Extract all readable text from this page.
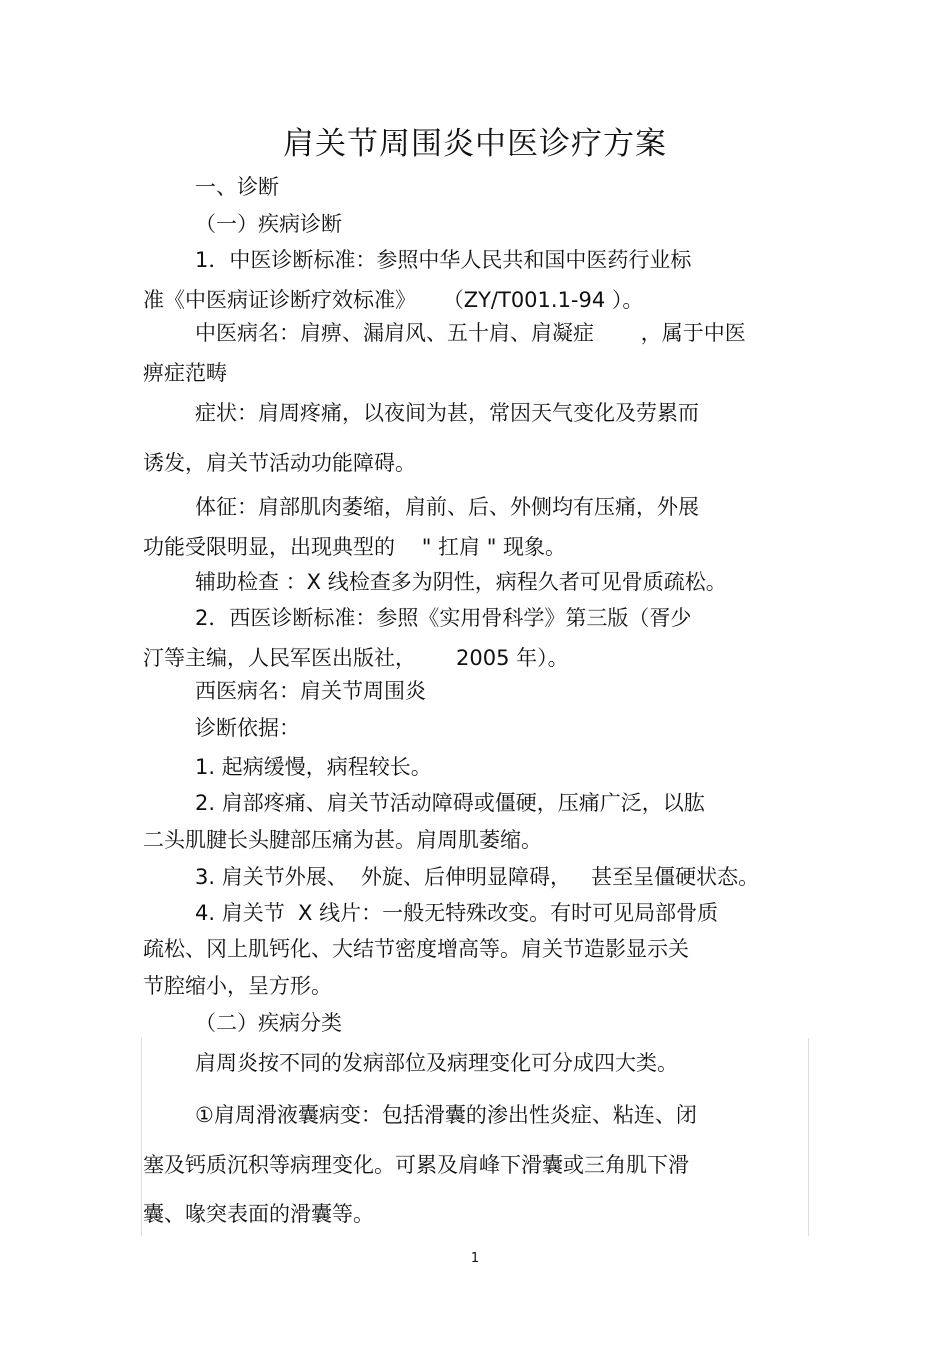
肩关节周围炎中医诊疗方案
一、诊断
（一）疾病诊断
1．中医诊断标准：参照中华人民共和国中医药行业标
准《中医病证诊断疗效标准》    （ZY/T001.1-94 ）。
中医病名：肩痹、漏肩风、五十肩、肩凝症       ，属于中医
痹症范畴
症状：肩周疼痛，以夜间为甚，常因天气变化及劳累而
诱发，肩关节活动功能障碍。
体征：肩部肌肉萎缩，肩前、后、外侧均有压痛，外展
功能受限明显，出现典型的    " 扛肩 " 现象。
辅助检查 ：X 线检查多为阴性，病程久者可见骨质疏松。
2．西医诊断标准：参照《实用骨科学》第三版（胥少
汀等主编，人民军医出版社，      2005 年）。
西医病名：肩关节周围炎
诊断依据：
1. 起病缓慢，病程较长。
2. 肩部疼痛、肩关节活动障碍或僵硬，压痛广泛，以肱
二头肌腱长头腱部压痛为甚。肩周肌萎缩。
3. 肩关节外展、  外旋、后伸明显障碍，   甚至呈僵硬状态。
4. 肩关节  X 线片：一般无特殊改变。有时可见局部骨质
疏松、冈上肌钙化、大结节密度增高等。肩关节造影显示关
节腔缩小，呈方形。
（二）疾病分类
肩周炎按不同的发病部位及病理变化可分成四大类。
①肩周滑液囊病变：包括滑囊的渗出性炎症、粘连、闭
塞及钙质沉积等病理变化。可累及肩峰下滑囊或三角肌下滑
囊、喙突表面的滑囊等。
1
